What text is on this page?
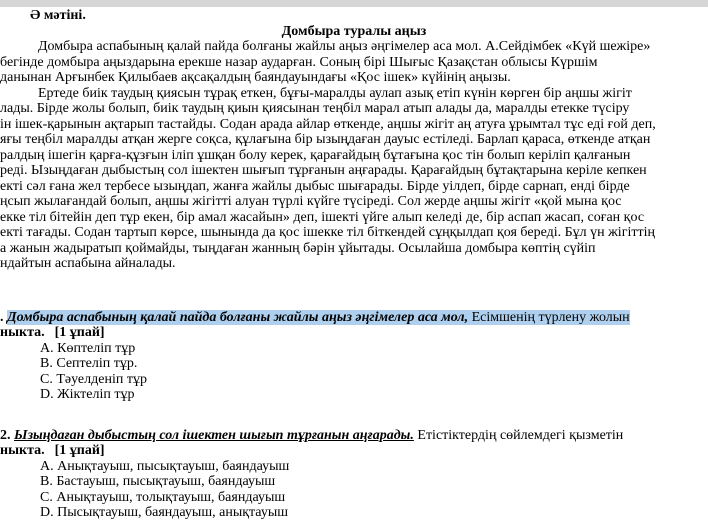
Ә мәтіні.
Домбыра туралы аңыз
Домбыра аспабының қалай пайда болғаны жайлы аңыз әңгімелер аса мол. А.Сейдімбек «Күй шежіре»
бегінде домбыра аңыздарына ерекше назар аударған. Соның бірі Шығыс Қазақстан облысы Күршім
данынан Арғынбек Қилыбаев ақсақалдың баяндауындағы «Қос ішек» күйінің аңызы.
Ертеде биік таудың қиясын тұрақ еткен, бұғы-маралды аулап азық етіп күнін көрген бір аңшы жігіт
лады. Бірде жолы болып, биік таудың қиын қиясынан теңбіл марал атып алады да, маралды етекке түсіру
ін ішек-қарынын ақтарып тастайды. Содан арада айлар өткенде, аңшы жігіт аң атуға ұрымтал тұс еді ғой деп,
яғы теңбіл маралды атқан жерге соқса, құлағына бір ызыңдаған дауыс естіледі. Барлап қараса, өткенде атқан
ралдың ішегін қарға-құзғын іліп ұшқан болу керек, қарағайдың бұтағына қос тін болып керіліп қалғанын
реді. Ызыңдаған дыбыстың сол ішектен шығып тұрғанын аңғарады. Қарағайдың бұтақтарына керіле кепкен
екті сәл ғана жел тербесе ызыңдап, жанға жайлы дыбыс шығарады. Бірде уілдеп, бірде сарнап, енді бірде
ңсып жылағандай болып, аңшы жігітті алуан түрлі күйге түсіреді. Сол жерде аңшы жігіт «қой мына қос
екке тіл бітейін деп тұр екен, бір амал жасайын» деп, ішекті үйге алып келеді де, бір аспап жасап, соған қос
екті тағады. Содан тартып көрсе, шынында да қос ішекке тіл біткендей сұңқылдап қоя береді. Бұл үн жігіттің
а жанын жадыратып қоймайды, тыңдаған жанның бәрін ұйытады. Осылайша домбыра көптің сүйіп
ндайтын аспабына айналады.
. Домбыра аспабының қалай пайда болғаны жайлы аңыз әңгімелер аса мол, Есімшенің түрлену жолын
ныкта. [1 ұпай]
А. Көптеліп тұр
В. Септеліп тұр.
С. Тәуелденіп тұр
D. Жіктеліп тұр
2. Ызыңдаған дыбыстың сол ішектен шығып тұрғанын аңғарады. Етістіктердің сөйлемдегі қызметін
ныкта. [1 ұпай]
А. Анықтауыш, пысықтауыш, баяндауыш
В. Бастауыш, пысықтауыш, баяндауыш
С. Анықтауыш, толықтауыш, баяндауыш
D. Пысықтауыш, баяндауыш, анықтауыш
